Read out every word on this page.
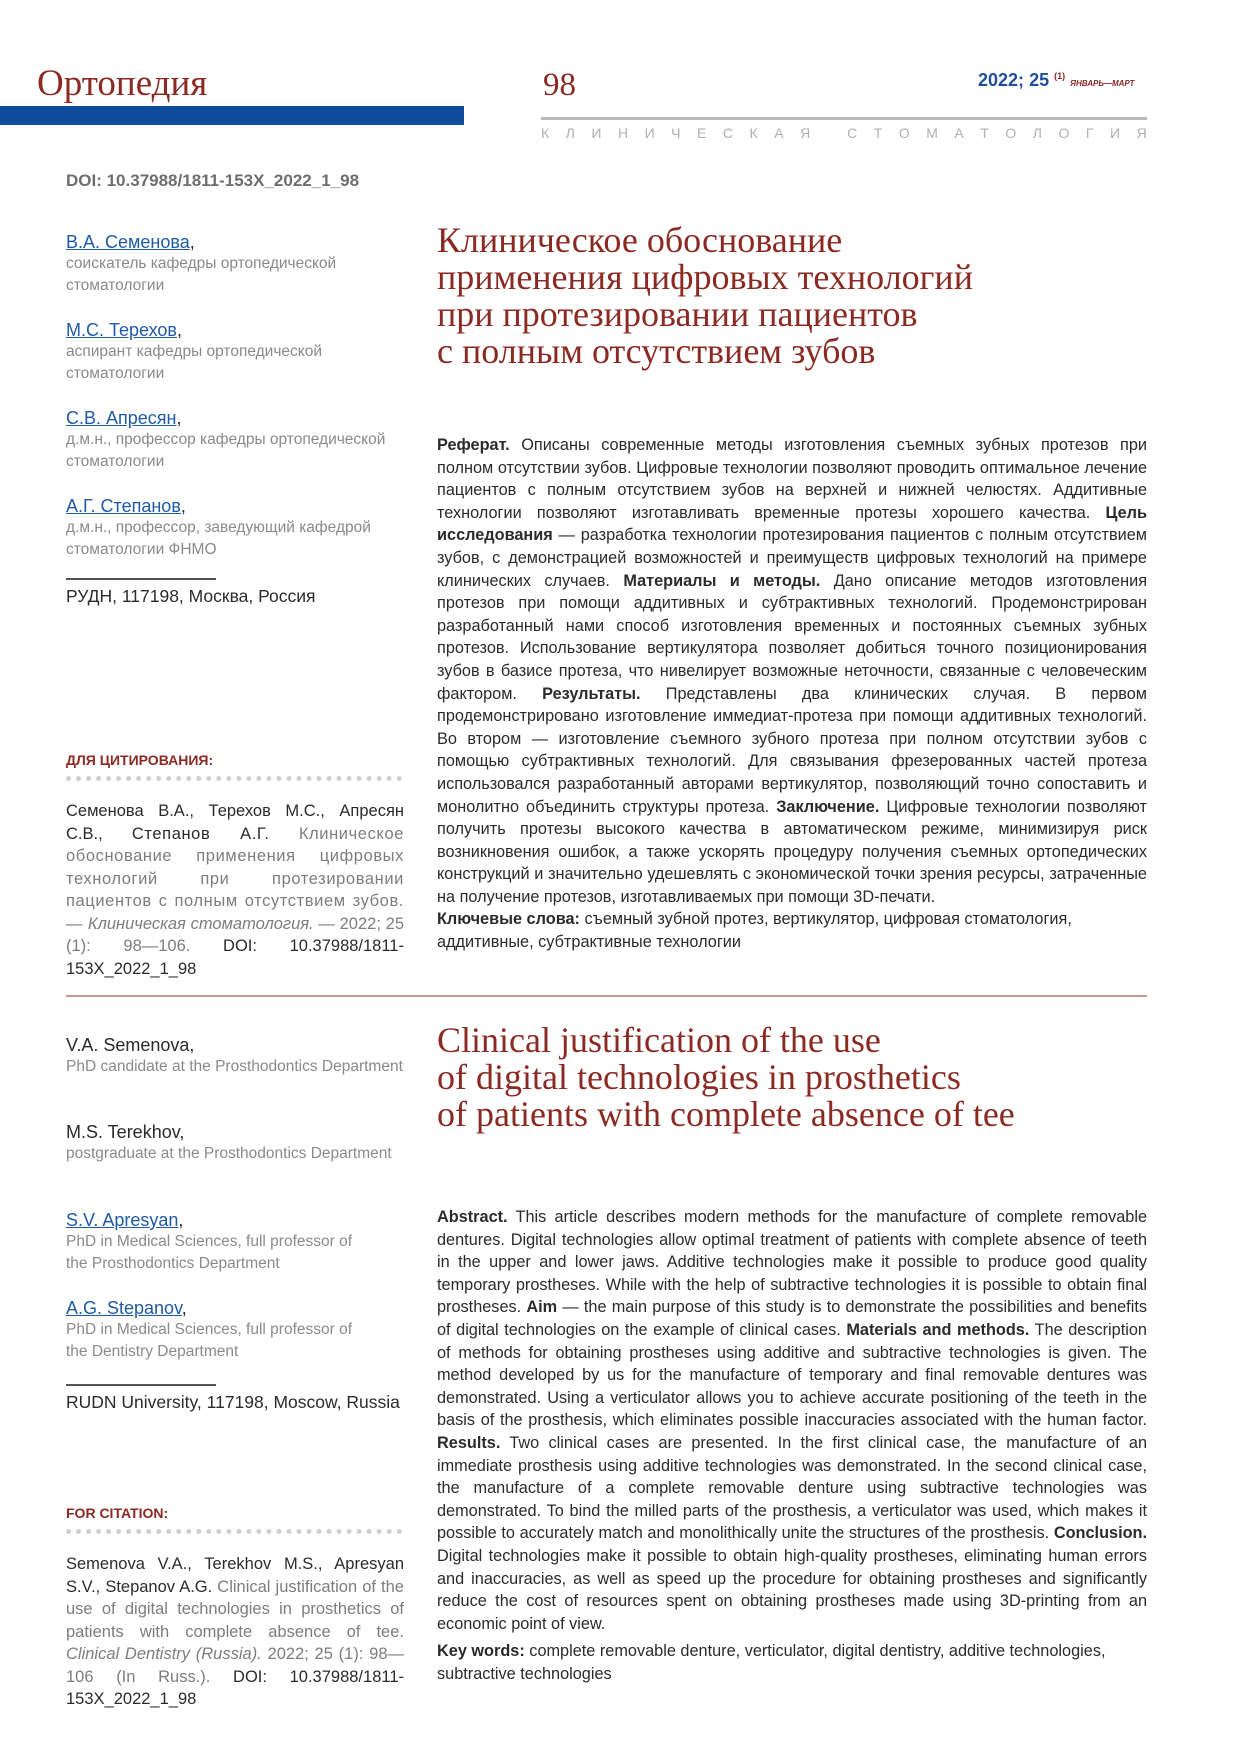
Ортопедия	98	2022; 25 $^{(1)}$ ЯНВАРЬ—МАРТ
К Л И Н И Ч Е С К А Я
	С Т О М А Т О Л О Г И Я
DOI: 10.37988/1811-153X_2022_1_98
В.А. Семенова,
соискатель кафедры ортопедической стоматологии
М.С. Терехов,
аспирант кафедры ортопедической стоматологии
С.В. Апресян,
д.м.н., профессор кафедры ортопедической стоматологии
А.Г. Степанов,
д.м.н., профессор, заведующий кафедрой стоматологии ФНМО
РУДН, 117198, Москва, Россия
ДЛЯ ЦИТИРОВАНИЯ:
Семенова В.А., Терехов М.С., Апресян С.В., Степанов А.Г. Клиническое обоснование применения цифровых технологий при протезировании пациентов с полным отсутствием зубов. — Клиническая стоматология. — 2022; 25 (1): 98—106. DOI: 10.37988/1811-153X_2022_1_98
Клиническое обоснование
применения цифровых технологий
при протезировании пациентов
с полным отсутствием зубов
Реферат. Описаны современные методы изготовления съемных зубных протезов при полном отсутствии зубов. Цифровые технологии позволяют проводить оптимальное лечение пациентов с полным отсутствием зубов на верхней и нижней челюстях. Аддитивные технологии позволяют изготавливать временные протезы хорошего качества. Цель исследования — разработка технологии протезирования пациентов с полным отсутствием зубов, с демонстрацией возможностей и преимуществ цифровых технологий на примере клинических случаев. Материалы и методы. Дано описание методов изготовления протезов при помощи аддитивных и субтрактивных технологий. Продемонстрирован разработанный нами способ изготовления временных и постоянных съемных зубных протезов. Использование вертикулятора позволяет добиться точного позиционирования зубов в базисе протеза, что нивелирует возможные неточности, связанные с человеческим фактором. Результаты. Представлены два клинических случая. В первом продемонстрировано изготовление иммедиат-протеза при помощи аддитивных технологий. Во втором — изготовление съемного зубного протеза при полном отсутствии зубов с помощью субтрактивных технологий. Для связывания фрезерованных частей протеза использовался разработанный авторами вертикулятор, позволяющий точно сопоставить и монолитно объединить структуры протеза. Заключение. Цифровые технологии позволяют получить протезы высокого качества в автоматическом режиме, минимизируя риск возникновения ошибок, а также ускорять процедуру получения съемных ортопедических конструкций и значительно удешевлять с экономической точки зрения ресурсы, затраченные на получение протезов, изготавливаемых при помощи 3D-печати.
Ключевые слова: съемный зубной протез, вертикулятор, цифровая стоматология, аддитивные, субтрактивные технологии
V.A. Semenova,
PhD candidate at the Prosthodontics Department
M.S. Terekhov,
postgraduate at the Prosthodontics Department
S.V. Apresyan,
PhD in Medical Sciences, full professor of the Prosthodontics Department
A.G. Stepanov,
PhD in Medical Sciences, full professor of the Dentistry Department
RUDN University, 117198, Moscow, Russia
FOR CITATION:
Semenova V.A., Terekhov M.S., Apresyan S.V., Stepanov A.G. Clinical justification of the use of digital technologies in prosthetics of patients with complete absence of tee. Clinical Dentistry (Russia). 2022; 25 (1): 98—106 (In Russ.). DOI: 10.37988/1811-153X_2022_1_98
Clinical justification of the use
of digital technologies in prosthetics
of patients with complete absence of tee
Abstract. This article describes modern methods for the manufacture of complete removable dentures. Digital technologies allow optimal treatment of patients with complete absence of teeth in the upper and lower jaws. Additive technologies make it possible to produce good quality temporary prostheses. While with the help of subtractive technologies it is possible to obtain final prostheses. Aim — the main purpose of this study is to demonstrate the possibilities and benefits of digital technologies on the example of clinical cases. Materials and methods. The description of methods for obtaining prostheses using additive and subtractive technologies is given. The method developed by us for the manufacture of temporary and final removable dentures was demonstrated. Using a verticulator allows you to achieve accurate positioning of the teeth in the basis of the prosthesis, which eliminates possible inaccuracies associated with the human factor. Results. Two clinical cases are presented. In the first clinical case, the manufacture of an immediate prosthesis using additive technologies was demonstrated. In the second clinical case, the manufacture of a complete removable denture using subtractive technologies was demonstrated. To bind the milled parts of the prosthesis, a verticulator was used, which makes it possible to accurately match and monolithically unite the structures of the prosthesis. Conclusion. Digital technologies make it possible to obtain high-quality prostheses, eliminating human errors and inaccuracies, as well as speed up the procedure for obtaining prostheses and significantly reduce the cost of resources spent on obtaining prostheses made using 3D-printing from an economic point of view.
Key words: complete removable denture, verticulator, digital dentistry, additive technologies, subtractive technologies
